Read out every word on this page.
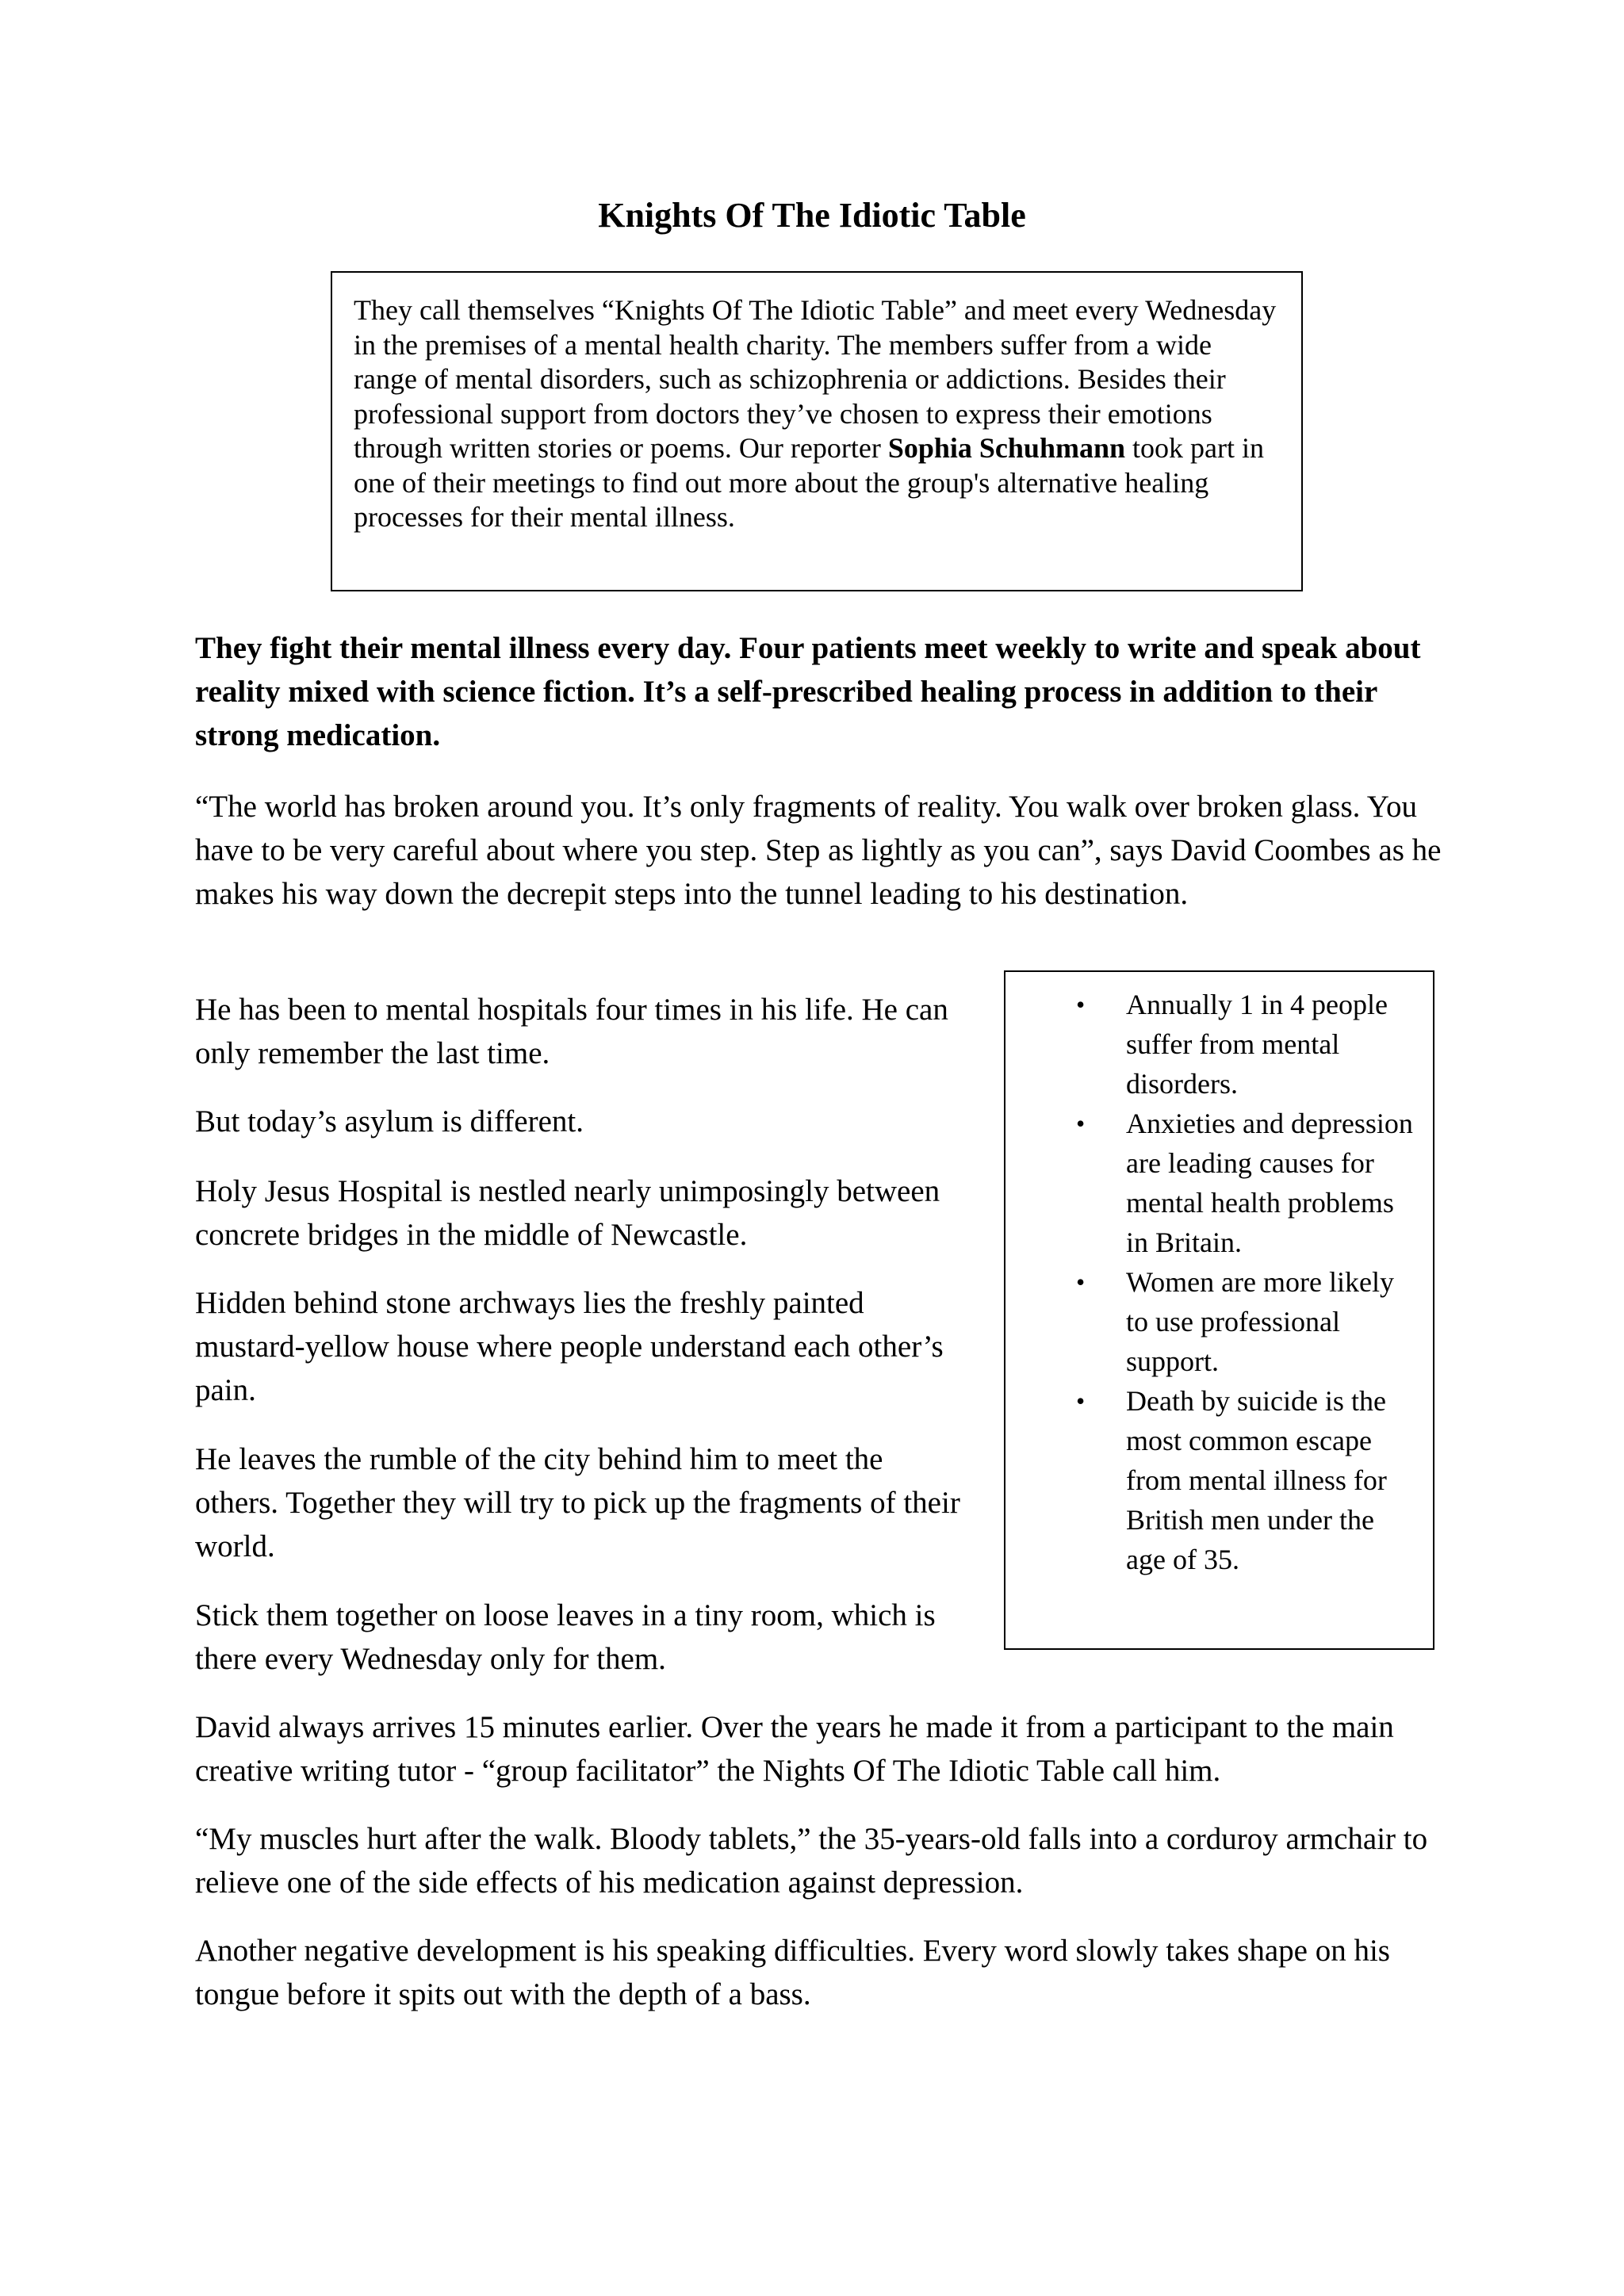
Knights Of The Idiotic Table

They call themselves “Knights Of The Idiotic Table” and meet every Wednesday in the premises of a mental health charity. The members suffer from a wide range of mental disorders, such as schizophrenia or addictions. Besides their professional support from doctors they’ve chosen to express their emotions through written stories or poems. Our reporter Sophia Schuhmann took part in one of their meetings to find out more about the group's alternative healing processes for their mental illness.

They fight their mental illness every day. Four patients meet weekly to write and speak about reality mixed with science fiction. It’s a self-prescribed healing process in addition to their strong medication.

“The world has broken around you. It’s only fragments of reality. You walk over broken glass. You have to be very careful about where you step. Step as lightly as you can”, says David Coombes as he makes his way down the decrepit steps into the tunnel leading to his destination.

He has been to mental hospitals four times in his life. He can only remember the last time.

But today’s asylum is different.

Holy Jesus Hospital is nestled nearly unimposingly between concrete bridges in the middle of Newcastle.

Hidden behind stone archways lies the freshly painted mustard-yellow house where people understand each other’s pain.

He leaves the rumble of the city behind him to meet the others. Together they will try to pick up the fragments of their world.

Stick them together on loose leaves in a tiny room, which is there every Wednesday only for them.

David always arrives 15 minutes earlier. Over the years he made it from a participant to the main creative writing tutor - “group facilitator” the Nights Of The Idiotic Table call him.

“My muscles hurt after the walk. Bloody tablets,” the 35-years-old falls into a corduroy armchair to relieve one of the side effects of his medication against depression.

Another negative development is his speaking difficulties. Every word slowly takes shape on his tongue before it spits out with the depth of a bass.

• Annually 1 in 4 people suffer from mental disorders.
• Anxieties and depression are leading causes for mental health problems in Britain.
• Women are more likely to use professional support.
• Death by suicide is the most common escape from mental illness for British men under the age of 35.
